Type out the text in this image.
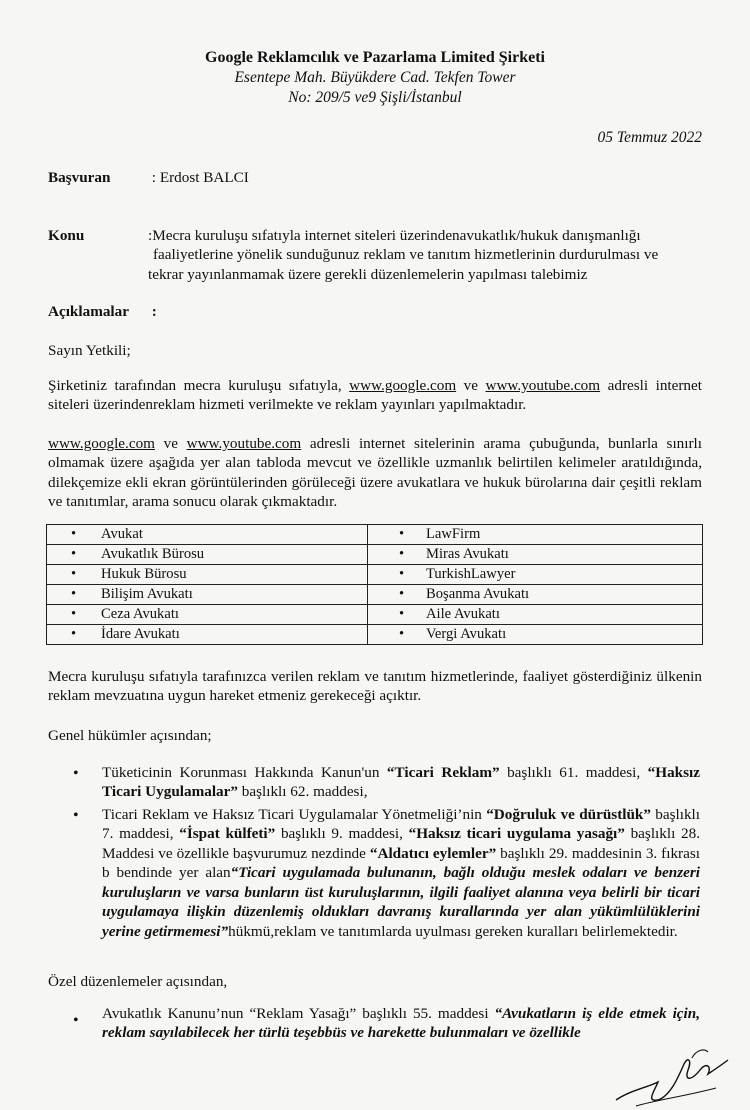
Google Reklamcılık ve Pazarlama Limited Şirketi
Esentepe Mah. Büyükdere Cad. Tekfen Tower
No: 209/5 ve9 Şişli/İstanbul
05 Temmuz 2022
Başvuran	: Erdost BALCI
Konu	:Mecra kuruluşu sıfatıyla internet siteleri üzerindenavukatlık/hukuk danışmanlığı
faaliyetlerine yönelik sunduğunuz reklam ve tanıtım hizmetlerinin durdurulması ve
tekrar yayınlanmamak üzere gerekli düzenlemelerin yapılması talebimiz
Açıklamalar :
Sayın Yetkili;
Şirketiniz tarafından mecra kuruluşu sıfatıyla, www.google.com ve www.youtube.com adresli internet siteleri üzerindenreklam hizmeti verilmekte ve reklam yayınları yapılmaktadır.
www.google.com ve www.youtube.com adresli internet sitelerinin arama çubuğunda, bunlarla sınırlı olmamak üzere aşağıda yer alan tabloda mevcut ve özellikle uzmanlık belirtilen kelimeler aratıldığında, dilekçemize ekli ekran görüntülerinden görüleceği üzere avukatlara ve hukuk bürolarına dair çeşitli reklam ve tanıtımlar, arama sonucu olarak çıkmaktadır.
• Avukat	• LawFirm

• Avukatlık Bürosu	• Miras Avukatı

• Hukuk Bürosu	• TurkishLawyer

• Bilişim Avukatı	• Boşanma Avukatı

• Ceza Avukatı	• Aile Avukatı

• İdare Avukatı	• Vergi Avukatı
Mecra kuruluşu sıfatıyla tarafınızca verilen reklam ve tanıtım hizmetlerinde, faaliyet gösterdiğiniz ülkenin reklam mevzuatına uygun hareket etmeniz gerekeceği açıktır.
Genel hükümler açısından;
• Tüketicinin Korunması Hakkında Kanun'un “Ticari Reklam” başlıklı 61. maddesi, “Haksız Ticari Uygulamalar” başlıklı 62. maddesi,
• Ticari Reklam ve Haksız Ticari Uygulamalar Yönetmeliği’nin “Doğruluk ve dürüstlük” başlıklı 7. maddesi, “İspat külfeti” başlıklı 9. maddesi, “Haksız ticari uygulama yasağı” başlıklı 28. Maddesi ve özellikle başvurumuz nezdinde “Aldatıcı eylemler” başlıklı 29. maddesinin 3. fıkrası b bendinde yer alan“Ticari uygulamada bulunanın, bağlı olduğu meslek odaları ve benzeri kuruluşların ve varsa bunların üst kuruluşlarının, ilgili faaliyet alanına veya belirli bir ticari uygulamaya ilişkin düzenlemiş oldukları davranış kurallarında yer alan yükümlülüklerini yerine getirmemesi”hükmü,reklam ve tanıtımlarda uyulması gereken kuralları belirlemektedir.
Özel düzenlemeler açısından,
• Avukatlık Kanunu’nun “Reklam Yasağı” başlıklı 55. maddesi “Avukatların iş elde etmek için, reklam sayılabilecek her türlü teşebbüs ve harekette bulunmaları ve özellikle
